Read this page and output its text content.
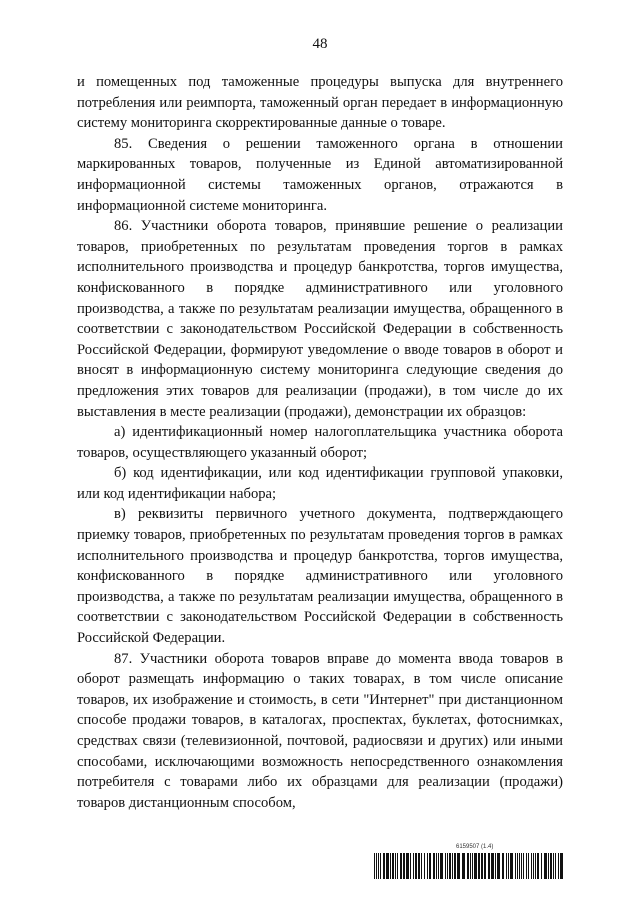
48

и помещенных под таможенные процедуры выпуска для внутреннего потребления или реимпорта, таможенный орган передает в информационную систему мониторинга скорректированные данные о товаре.

85. Сведения о решении таможенного органа в отношении маркированных товаров, полученные из Единой автоматизированной информационной системы таможенных органов, отражаются в информационной системе мониторинга.

86. Участники оборота товаров, принявшие решение о реализации товаров, приобретенных по результатам проведения торгов в рамках исполнительного производства и процедур банкротства, торгов имущества, конфискованного в порядке административного или уголовного производства, а также по результатам реализации имущества, обращенного в соответствии с законодательством Российской Федерации в собственность Российской Федерации, формируют уведомление о вводе товаров в оборот и вносят в информационную систему мониторинга следующие сведения до предложения этих товаров для реализации (продажи), в том числе до их выставления в месте реализации (продажи), демонстрации их образцов:

а) идентификационный номер налогоплательщика участника оборота товаров, осуществляющего указанный оборот;

б) код идентификации, или код идентификации групповой упаковки, или код идентификации набора;

в) реквизиты первичного учетного документа, подтверждающего приемку товаров, приобретенных по результатам проведения торгов в рамках исполнительного производства и процедур банкротства, торгов имущества, конфискованного в порядке административного или уголовного производства, а также по результатам реализации имущества, обращенного в соответствии с законодательством Российской Федерации в собственность Российской Федерации.

87. Участники оборота товаров вправе до момента ввода товаров в оборот размещать информацию о таких товарах, в том числе описание товаров, их изображение и стоимость, в сети "Интернет" при дистанционном способе продажи товаров, в каталогах, проспектах, буклетах, фотоснимках, средствах связи (телевизионной, почтовой, радиосвязи и других) или иными способами, исключающими возможность непосредственного ознакомления потребителя с товарами либо их образцами для реализации (продажи) товаров дистанционным способом,

6159507 (1.4)
